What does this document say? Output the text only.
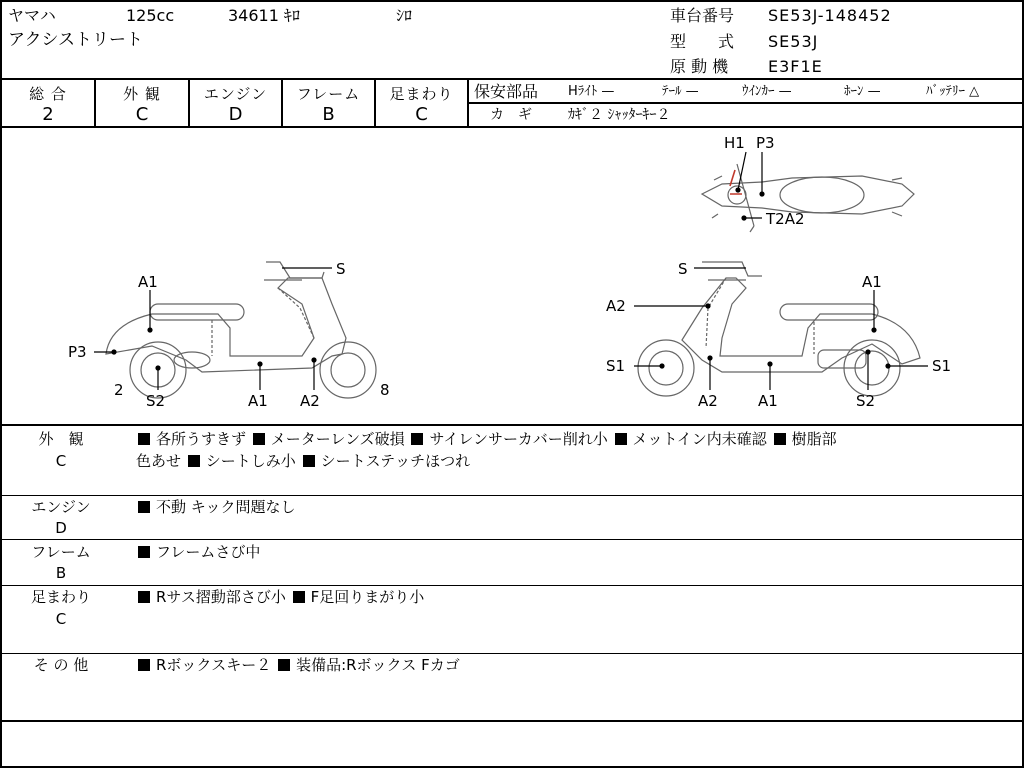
ヤマハ	125cc	34611 ｷﾛ	ｼﾛ
アクシストリート
車台番号 SE53J-148452
型　　式 SE53J
原 動 機 E3F1E
総 合
2
外 観
C
エンジン
D
フレーム
B
足まわり
C
保安部品 Hﾗｲﾄ —	ﾃｰﾙ —	ｳｲﾝｶｰ —	ﾎｰﾝ —	ﾊﾞｯﾃﾘｰ △
カ　ギ	ｶｷﾞ２ ｼｬｯﾀｰｷｰ２
H1 P3
T2A2
S
A1
P3
2
S2	A1 A2
8
S
A1
A2
S1	S1
A2	A1	S2
外　観
C
各所うすきず メーターレンズ破損 サイレンサーカバー削れ小 メットイン内未確認 樹脂部
色あせ シートしみ小 シートステッチほつれ
エンジン
D
不動 キック問題なし
フレーム
B
フレームさび中
足まわり
C
Rサス摺動部さび小 F足回りまがり小
そ の 他	Rボックスキー２ 装備品:Rボックス Fカゴ
